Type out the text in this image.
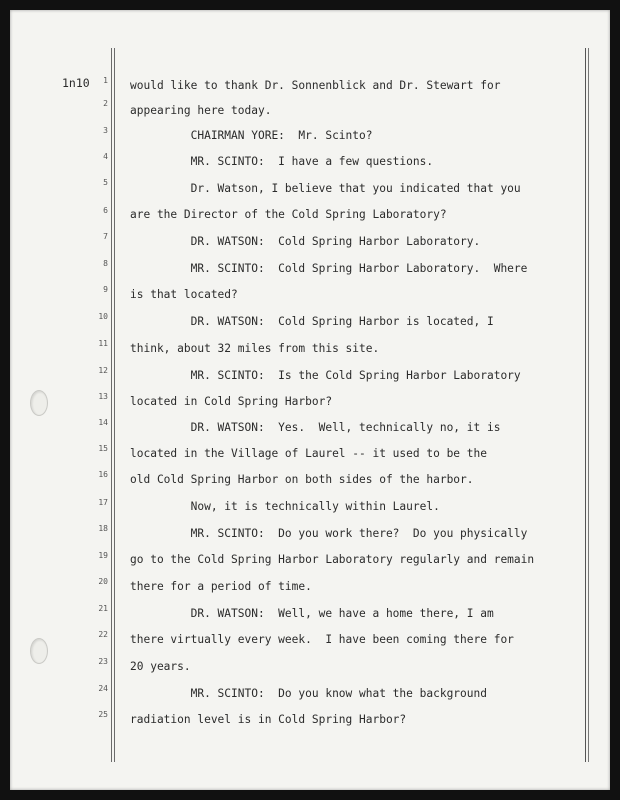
1n10	1 would like to thank Dr. Sonnenblick and Dr. Stewart for
2
appearing here today.
3 CHAIRMAN YORE:  Mr. Scinto?
4 MR. SCINTO:  I have a few questions.
5 Dr. Watson, I believe that you indicated that you
6 are the Director of the Cold Spring Laboratory?
7 DR. WATSON:  Cold Spring Harbor Laboratory.
8 MR. SCINTO:  Cold Spring Harbor Laboratory.  Where
9 is that located?
10 DR. WATSON:  Cold Spring Harbor is located, I
11 think, about 32 miles from this site.
12 MR. SCINTO:  Is the Cold Spring Harbor Laboratory
13 located in Cold Spring Harbor?
14 DR. WATSON:  Yes.  Well, technically no, it is
15 located in the Village of Laurel -- it used to be the
16 old Cold Spring Harbor on both sides of the harbor.
17 Now, it is technically within Laurel.
18 MR. SCINTO:  Do you work there?  Do you physically
19 go to the Cold Spring Harbor Laboratory regularly and remain
20 there for a period of time.
21 DR. WATSON:  Well, we have a home there, I am
22 there virtually every week.  I have been coming there for
23 20 years.
24 MR. SCINTO:  Do you know what the background
25 radiation level is in Cold Spring Harbor?
